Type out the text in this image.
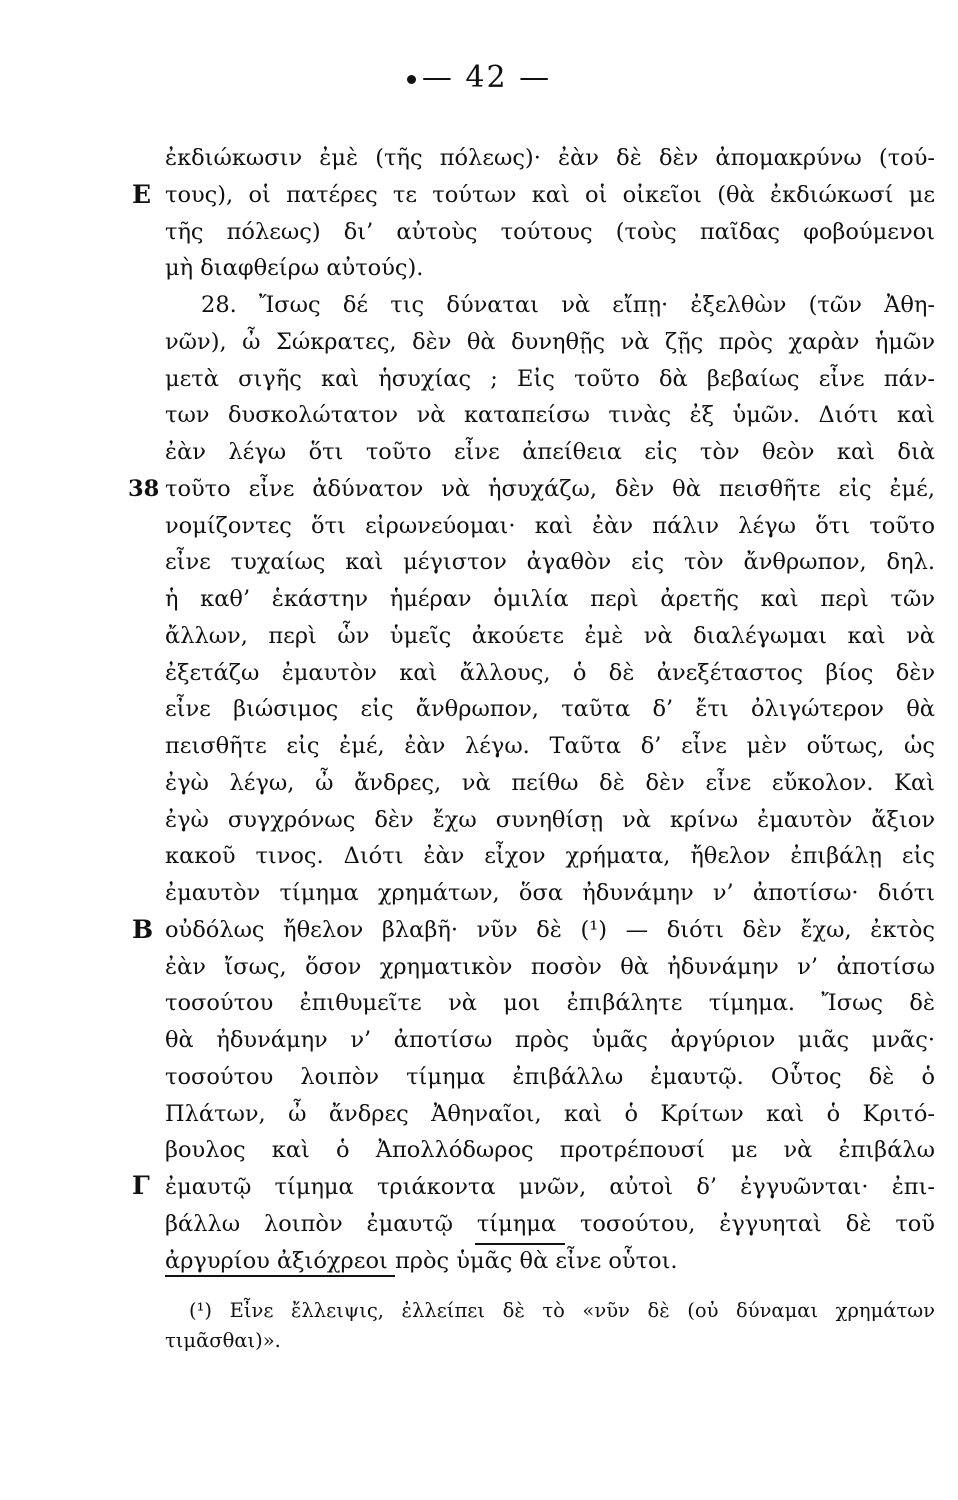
— 42 —
E
38
B
Γ
ἐκδιώκωσιν ἐμὲ (τῆς πόλεως)· ἐὰν δὲ δὲν ἀπομακρύνω (τού-
τους), οἱ πατέρες τε τούτων καὶ οἱ οἰκεῖοι (θὰ ἐκδιώκωσί με
τῆς πόλεως) δι’ αὐτοὺς τούτους (τοὺς παῖδας φοβούμενοι
μὴ διαφθείρω αὐτούς).
28. Ἴσως δέ τις δύναται νὰ εἴπῃ· ἐξελθὼν (τῶν Ἀθη-
νῶν), ὦ Σώκρατες, δὲν θὰ δυνηθῇς νὰ ζῇς πρὸς χαρὰν ἡμῶν
μετὰ σιγῆς καὶ ἡσυχίας ; Εἰς τοῦτο δὰ βεβαίως εἶνε πάν-
των δυσκολώτατον νὰ καταπείσω τινὰς ἐξ ὑμῶν. Διότι καὶ
ἐὰν λέγω ὅτι τοῦτο εἶνε ἀπείθεια εἰς τὸν θεὸν καὶ διὰ
τοῦτο εἶνε ἀδύνατον νὰ ἡσυχάζω, δὲν θὰ πεισθῆτε εἰς ἐμέ,
νομίζοντες ὅτι εἰρωνεύομαι· καὶ ἐὰν πάλιν λέγω ὅτι τοῦτο
εἶνε τυχαίως καὶ μέγιστον ἀγαθὸν εἰς τὸν ἄνθρωπον, δηλ.
ἡ καθ’ ἑκάστην ἡμέραν ὁμιλία περὶ ἀρετῆς καὶ περὶ τῶν
ἄλλων, περὶ ὧν ὑμεῖς ἀκούετε ἐμὲ νὰ διαλέγωμαι καὶ νὰ
ἐξετάζω ἐμαυτὸν καὶ ἄλλους, ὁ δὲ ἀνεξέταστος βίος δὲν
εἶνε βιώσιμος εἰς ἄνθρωπον, ταῦτα δ’ ἔτι ὀλιγώτερον θὰ
πεισθῆτε εἰς ἐμέ, ἐὰν λέγω. Ταῦτα δ’ εἶνε μὲν οὕτως, ὡς
ἐγὼ λέγω, ὦ ἄνδρες, νὰ πείθω δὲ δὲν εἶνε εὔκολον. Καὶ
ἐγὼ συγχρόνως δὲν ἔχω συνηθίσῃ νὰ κρίνω ἐμαυτὸν ἄξιον
κακοῦ τινος. Διότι ἐὰν εἶχον χρήματα, ἤθελον ἐπιβάλῃ εἰς
ἐμαυτὸν τίμημα χρημάτων, ὅσα ἠδυνάμην ν’ ἀποτίσω· διότι
οὐδόλως ἤθελον βλαβῆ· νῦν δὲ (¹) — διότι δὲν ἔχω, ἐκτὸς
ἐὰν ἴσως, ὅσον χρηματικὸν ποσὸν θὰ ἠδυνάμην ν’ ἀποτίσω
τοσούτου ἐπιθυμεῖτε νὰ μοι ἐπιβάλητε τίμημα. Ἴσως δὲ
θὰ ἠδυνάμην ν’ ἀποτίσω πρὸς ὑμᾶς ἀργύριον μιᾶς μνᾶς·
τοσούτου λοιπὸν τίμημα ἐπιβάλλω ἐμαυτῷ. Οὗτος δὲ ὁ
Πλάτων, ὦ ἄνδρες Ἀθηναῖοι, καὶ ὁ Κρίτων καὶ ὁ Κριτό-
βουλος καὶ ὁ Ἀπολλόδωρος προτρέπουσί με νὰ ἐπιβάλω
ἐμαυτῷ τίμημα τριάκοντα μνῶν, αὐτοὶ δ’ ἐγγυῶνται· ἐπι-
βάλλω λοιπὸν ἐμαυτῷ τίμημα τοσούτου, ἐγγυηταὶ δὲ τοῦ
ἀργυρίου ἀξιόχρεοι πρὸς ὑμᾶς θὰ εἶνε οὗτοι.
(¹) Εἶνε ἔλλειψις, ἐλλείπει δὲ τὸ «νῦν δὲ (οὐ δύναμαι χρημάτων
τιμᾶσθαι)».
